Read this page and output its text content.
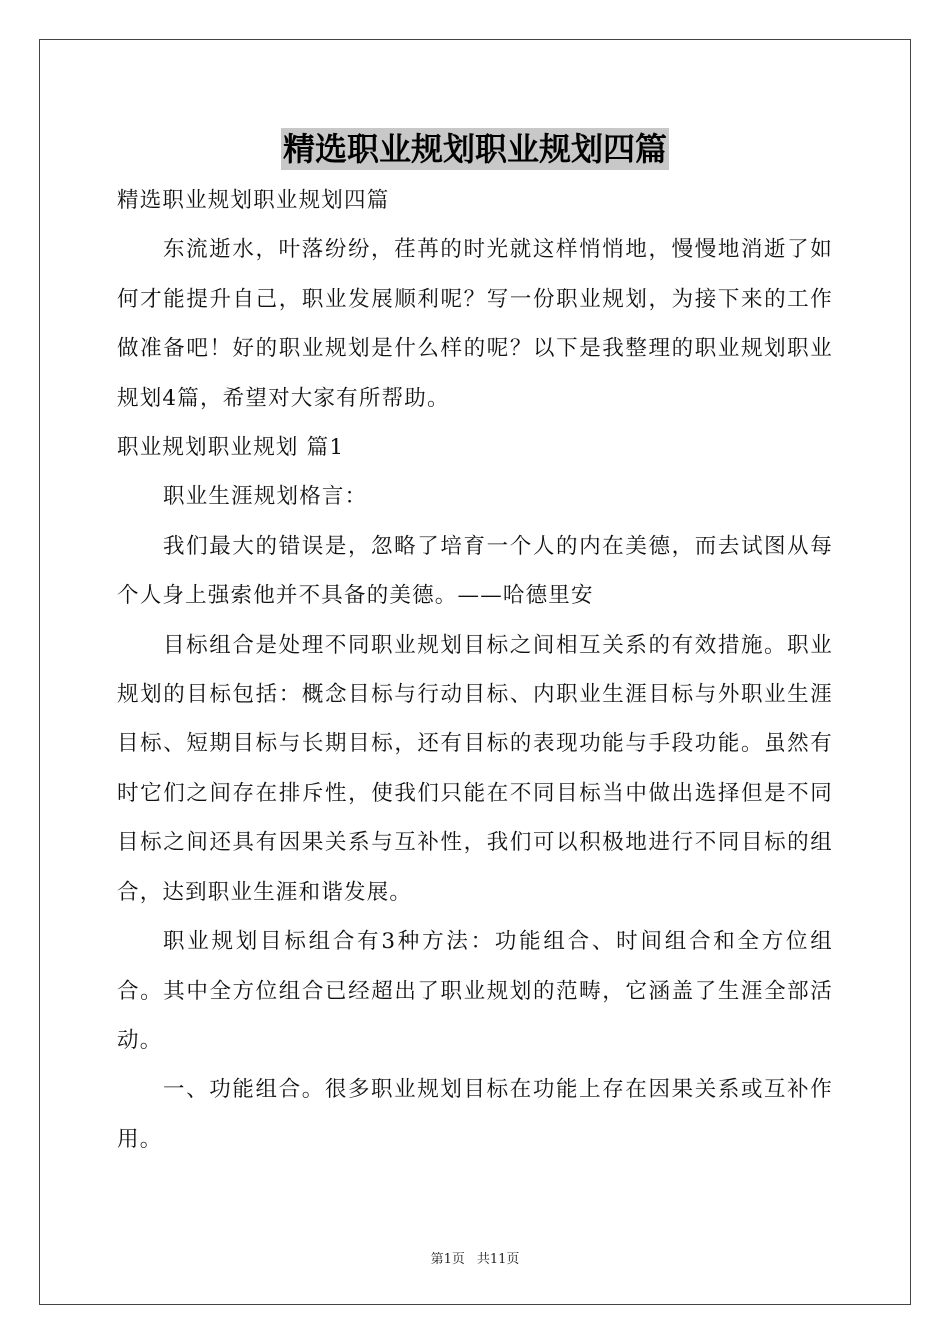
精选职业规划职业规划四篇

精选职业规划职业规划四篇

东流逝水，叶落纷纷，荏苒的时光就这样悄悄地，慢慢地消逝了如何才能提升自己，职业发展顺利呢？写一份职业规划，为接下来的工作做准备吧！好的职业规划是什么样的呢？以下是我整理的职业规划职业规划4篇，希望对大家有所帮助。

职业规划职业规划 篇1

职业生涯规划格言：

我们最大的错误是，忽略了培育一个人的内在美德，而去试图从每个人身上强索他并不具备的美德。——哈德里安

目标组合是处理不同职业规划目标之间相互关系的有效措施。职业规划的目标包括：概念目标与行动目标、内职业生涯目标与外职业生涯目标、短期目标与长期目标，还有目标的表现功能与手段功能。虽然有时它们之间存在排斥性，使我们只能在不同目标当中做出选择但是不同目标之间还具有因果关系与互补性，我们可以积极地进行不同目标的组合，达到职业生涯和谐发展。

职业规划目标组合有3种方法：功能组合、时间组合和全方位组合。其中全方位组合已经超出了职业规划的范畴，它涵盖了生涯全部活动。

一、功能组合。很多职业规划目标在功能上存在因果关系或互补作用。

第1页 共11页
